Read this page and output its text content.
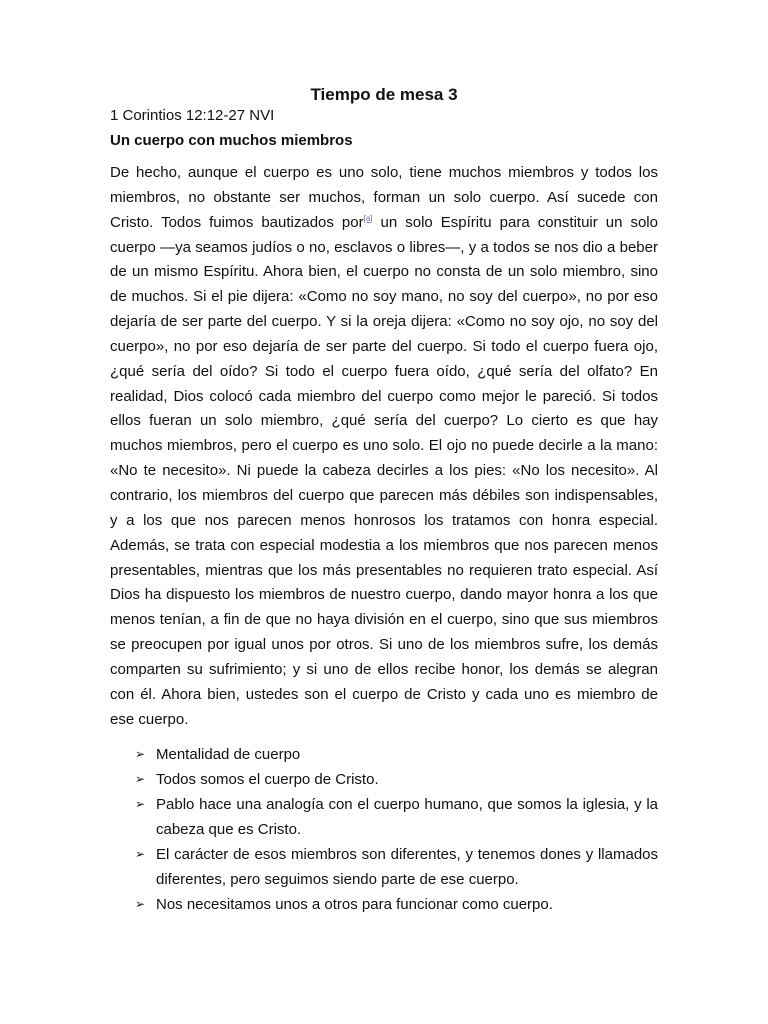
Tiempo de mesa 3

1 Corintios 12:12-27 NVI

Un cuerpo con muchos miembros

De hecho, aunque el cuerpo es uno solo, tiene muchos miembros y todos los miembros, no obstante ser muchos, forman un solo cuerpo. Así sucede con Cristo. Todos fuimos bautizados por[a] un solo Espíritu para constituir un solo cuerpo —ya seamos judíos o no, esclavos o libres—, y a todos se nos dio a beber de un mismo Espíritu. Ahora bien, el cuerpo no consta de un solo miembro, sino de muchos. Si el pie dijera: «Como no soy mano, no soy del cuerpo», no por eso dejaría de ser parte del cuerpo. Y si la oreja dijera: «Como no soy ojo, no soy del cuerpo», no por eso dejaría de ser parte del cuerpo. Si todo el cuerpo fuera ojo, ¿qué sería del oído? Si todo el cuerpo fuera oído, ¿qué sería del olfato? En realidad, Dios colocó cada miembro del cuerpo como mejor le pareció. Si todos ellos fueran un solo miembro, ¿qué sería del cuerpo? Lo cierto es que hay muchos miembros, pero el cuerpo es uno solo. El ojo no puede decirle a la mano: «No te necesito». Ni puede la cabeza decirles a los pies: «No los necesito». Al contrario, los miembros del cuerpo que parecen más débiles son indispensables, y a los que nos parecen menos honrosos los tratamos con honra especial. Además, se trata con especial modestia a los miembros que nos parecen menos presentables, mientras que los más presentables no requieren trato especial. Así Dios ha dispuesto los miembros de nuestro cuerpo, dando mayor honra a los que menos tenían, a fin de que no haya división en el cuerpo, sino que sus miembros se preocupen por igual unos por otros. Si uno de los miembros sufre, los demás comparten su sufrimiento; y si uno de ellos recibe honor, los demás se alegran con él. Ahora bien, ustedes son el cuerpo de Cristo y cada uno es miembro de ese cuerpo.

➢ Mentalidad de cuerpo
➢ Todos somos el cuerpo de Cristo.
➢ Pablo hace una analogía con el cuerpo humano, que somos la iglesia, y la cabeza que es Cristo.
➢ El carácter de esos miembros son diferentes, y tenemos dones y llamados diferentes, pero seguimos siendo parte de ese cuerpo.
➢ Nos necesitamos unos a otros para funcionar como cuerpo.
